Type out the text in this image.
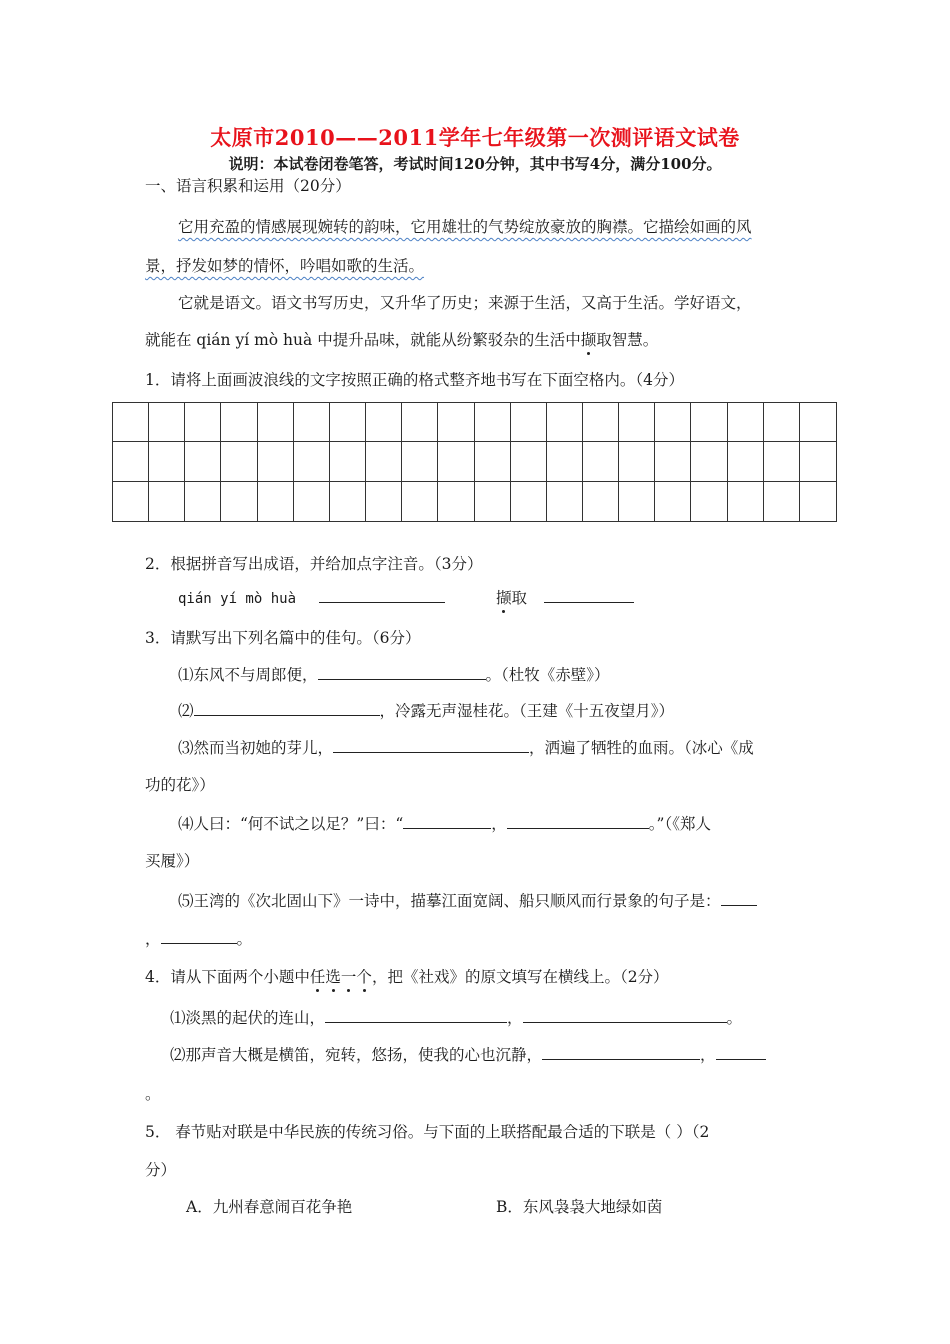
太原市2010——2011学年七年级第一次测评语文试卷
说明：本试卷闭卷笔答，考试时间120分钟，其中书写4分，满分100分。
一、语言积累和运用（20分）
它用充盈的情感展现婉转的韵味，它用雄壮的气势绽放豪放的胸襟。它描绘如画的风
景，抒发如梦的情怀，吟唱如歌的生活。
它就是语文。语文书写历史，又升华了历史；来源于生活，又高于生活。学好语文，
就能在 qián yí mò huà 中提升品味，就能从纷繁驳杂的生活中撷取智慧。
1．请将上面画波浪线的文字按照正确的格式整齐地书写在下面空格内。（4分）
2．根据拼音写出成语，并给加点字注音。（3分）
qián yí mò huà	撷取
3．请默写出下列名篇中的佳句。（6分）
⑴东风不与周郎便，	。（杜牧《赤壁》）
⑵	，冷露无声湿桂花。（王建《十五夜望月》）
⑶然而当初她的芽儿，	，洒遍了牺牲的血雨。（冰心《成
功的花》）
⑷人曰：“何不试之以足？”曰：“	，	。”（《郑人
买履》）
⑸王湾的《次北固山下》一诗中，描摹江面宽阔、船只顺风而行景象的句子是：
，	。
4．请从下面两个小题中任选一个，把《社戏》的原文填写在横线上。（2分）
⑴淡黑的起伏的连山，	，	。
⑵那声音大概是横笛，宛转，悠扬，使我的心也沉静，	，
。
5． 春节贴对联是中华民族的传统习俗。与下面的上联搭配最合适的下联是（ ）（2
分）
A．九州春意闹百花争艳	B．东风袅袅大地绿如茵
